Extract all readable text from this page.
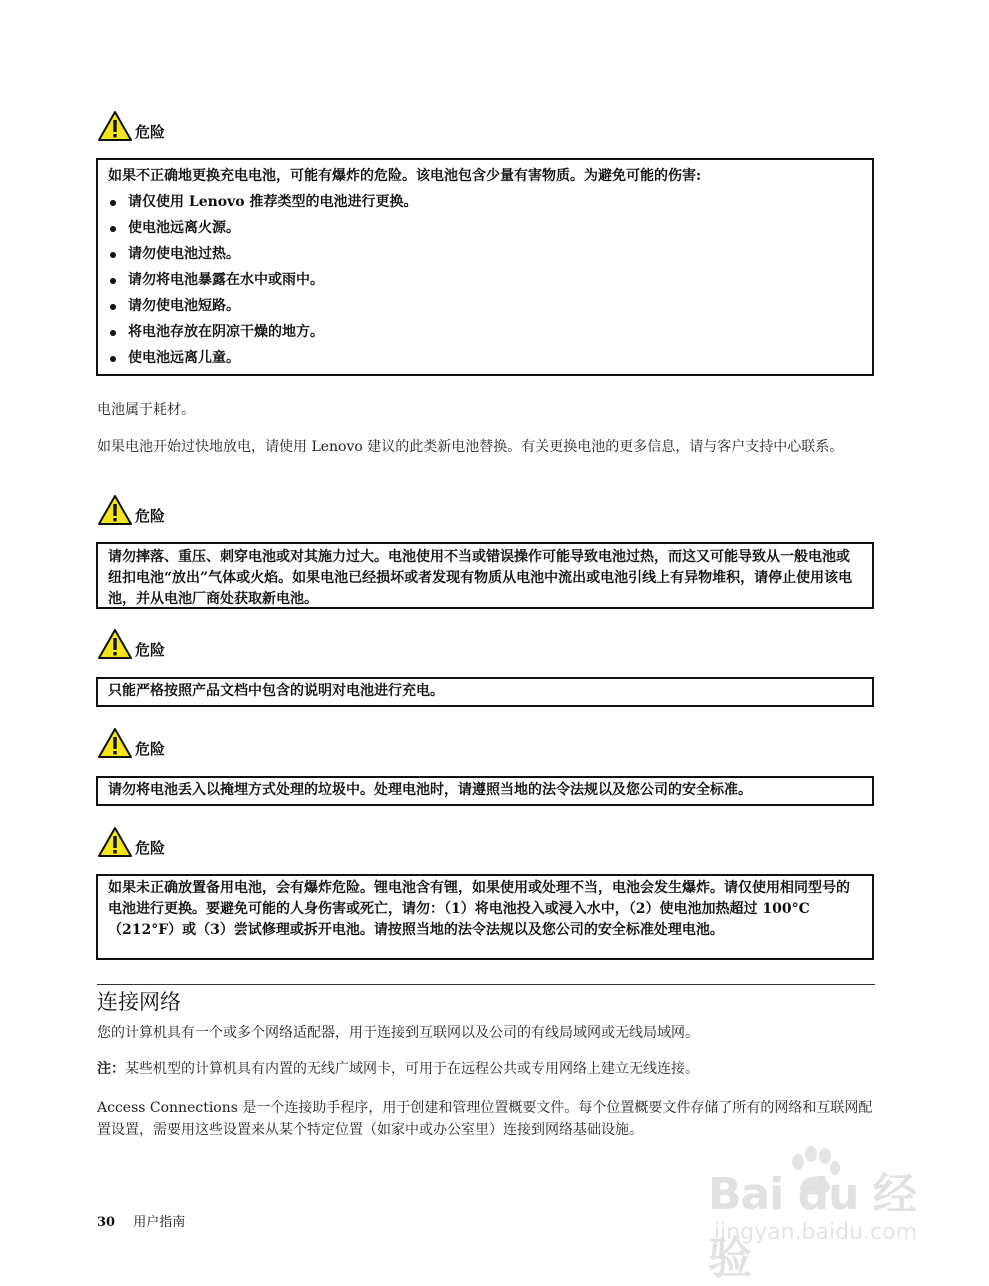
危险

如果不正确地更换充电电池，可能有爆炸的危险。该电池包含少量有害物质。为避免可能的伤害:

请仅使用 Lenovo 推荐类型的电池进行更换。
使电池远离火源。
请勿使电池过热。
请勿将电池暴露在水中或雨中。
请勿使电池短路。
将电池存放在阴凉干燥的地方。
使电池远离儿童。
电池属于耗材。
如果电池开始过快地放电，请使用 Lenovo 建议的此类新电池替换。有关更换电池的更多信息，请与客户支持中心联系。
危险

请勿摔落、重压、刺穿电池或对其施力过大。电池使用不当或错误操作可能导致电池过热，而这又可能导致从一般电池或纽扣电池“放出”气体或火焰。如果电池已经损坏或者发现有物质从电池中流出或电池引线上有异物堆积，请停止使用该电池，并从电池厂商处获取新电池。

危险

只能严格按照产品文档中包含的说明对电池进行充电。

危险

请勿将电池丢入以掩埋方式处理的垃圾中。处理电池时，请遵照当地的法令法规以及您公司的安全标准。

危险

如果未正确放置备用电池，会有爆炸危险。锂电池含有锂，如果使用或处理不当，电池会发生爆炸。请仅使用相同型号的电池进行更换。要避免可能的人身伤害或死亡，请勿：（1）将电池投入或浸入水中，（2）使电池加热超过 100°C（212°F）或（3）尝试修理或拆开电池。请按照当地的法令法规以及您公司的安全标准处理电池。

连接网络
您的计算机具有一个或多个网络适配器，用于连接到互联网以及公司的有线局域网或无线局域网。
注：某些机型的计算机具有内置的无线广域网卡，可用于在远程公共或专用网络上建立无线连接。
Access Connections 是一个连接助手程序，用于创建和管理位置概要文件。每个位置概要文件存储了所有的网络和互联网配置设置，需要用这些设置来从某个特定位置（如家中或办公室里）连接到网络基础设施。
30 用户指南
Bai du 经验
jingyan.baidu.com
